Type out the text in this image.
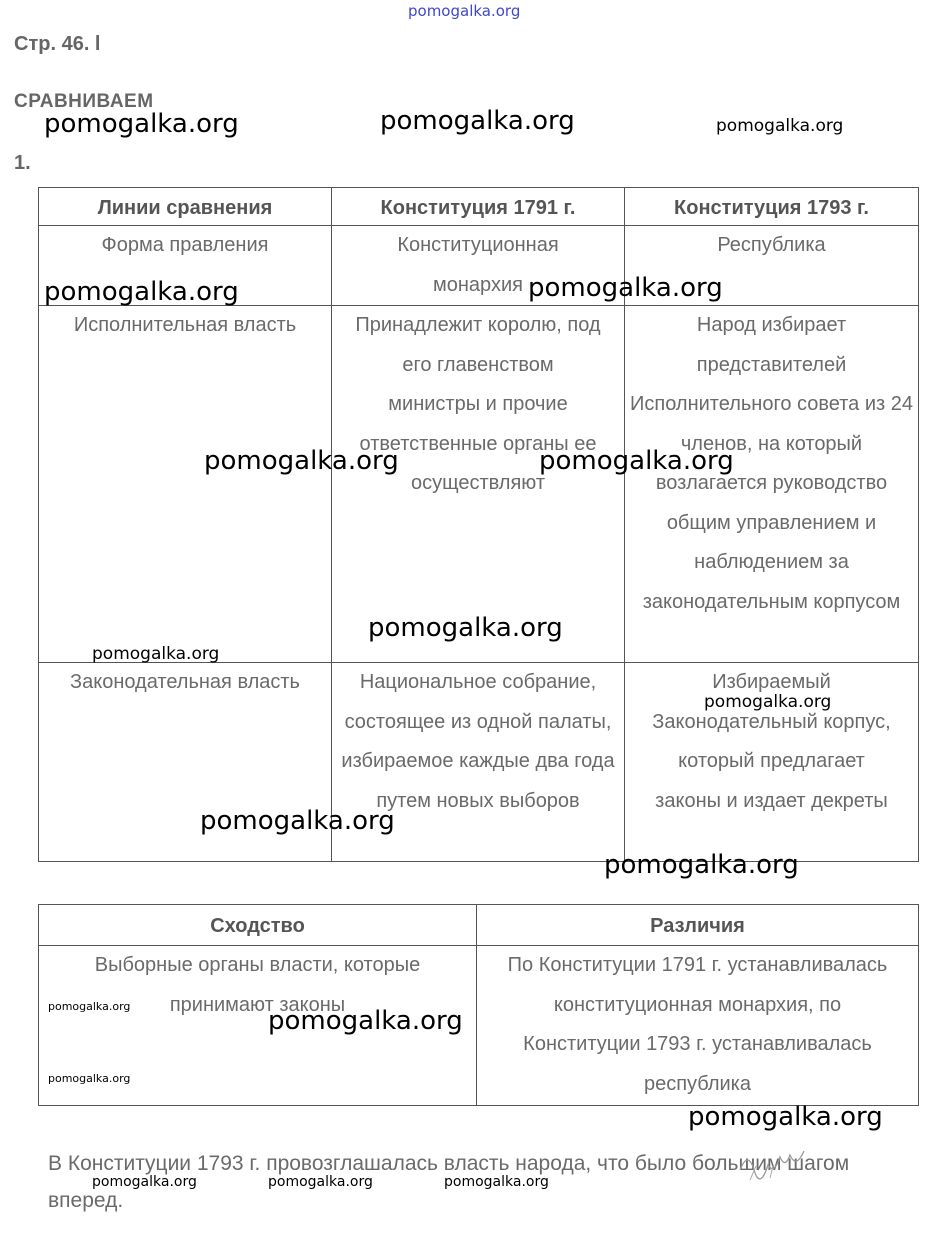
pomogalka.org
Стр. 46. l
СРАВНИВАЕМ
1.
Линии сравнения	Конституция 1791 г.	Конституция 1793 г.
Форма правления	Конституционная монархия	Республика
Исполнительная власть	Принадлежит королю, под его главенством министры и прочие ответственные органы ее осуществляют	Народ избирает представителей Исполнительного совета из 24 членов, на который возлагается руководство общим управлением и наблюдением за законодательным корпусом
Законодательная власть	Национальное собрание, состоящее из одной палаты, избираемое каждые два года путем новых выборов	Избираемый Законодательный корпус, который предлагает законы и издает декреты
Сходство	Различия
Выборные органы власти, которые принимают законы	По Конституции 1791 г. устанавливалась конституционная монархия, по Конституции 1793 г. устанавливалась республика
В Конституции 1793 г. провозглашалась власть народа, что было большим шагом вперед.
pomogalka.org	pomogalka.org	pomogalka.org
pomogalka.org	pomogalka.org
pomogalka.org	pomogalka.org
pomogalka.org
pomogalka.org
pomogalka.org
pomogalka.org
pomogalka.org
pomogalka.org	pomogalka.org
pomogalka.org
pomogalka.org
pomogalka.org	pomogalka.org	pomogalka.org
